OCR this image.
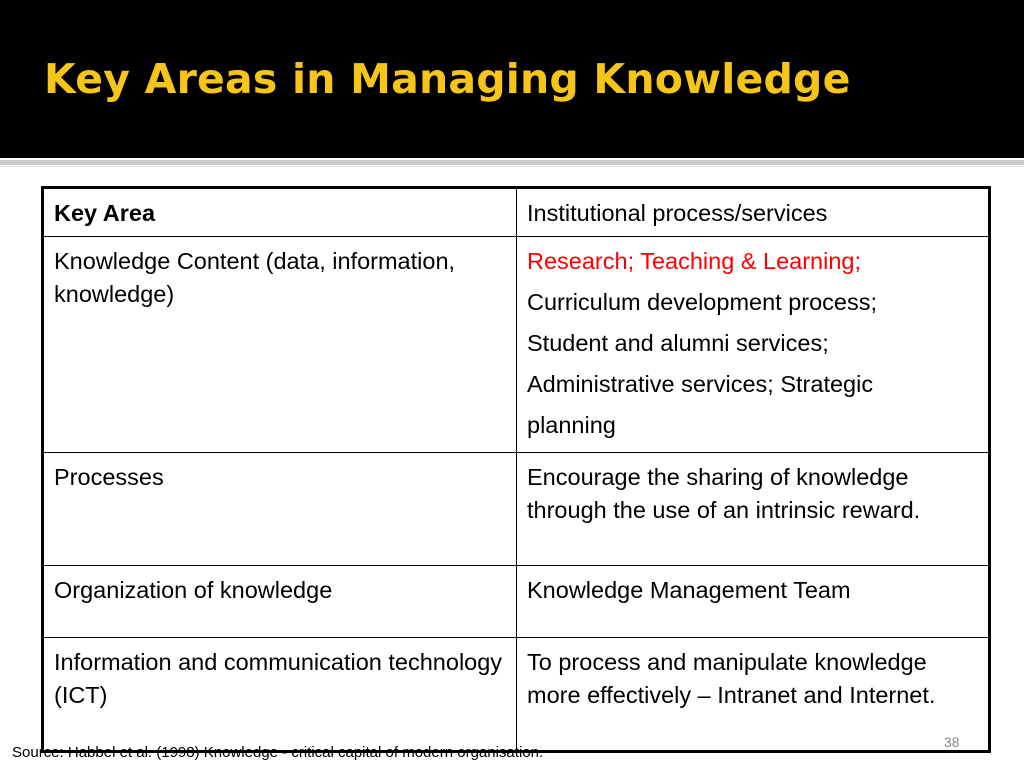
Key Areas in Managing Knowledge
Key Area	Institutional process/services
Knowledge Content (data, information, knowledge)	Research; Teaching & Learning;
Curriculum development process;
Student and alumni services;
Administrative services; Strategic
planning

Processes	Encourage the sharing of knowledge through the use of an intrinsic reward.
Organization of knowledge	Knowledge Management Team
Information and communication technology (ICT)	To process and manipulate knowledge more effectively – Intranet and Internet.
38
Source: Habbel et al. (1998) Knowledge - critical capital of modern organisation.
